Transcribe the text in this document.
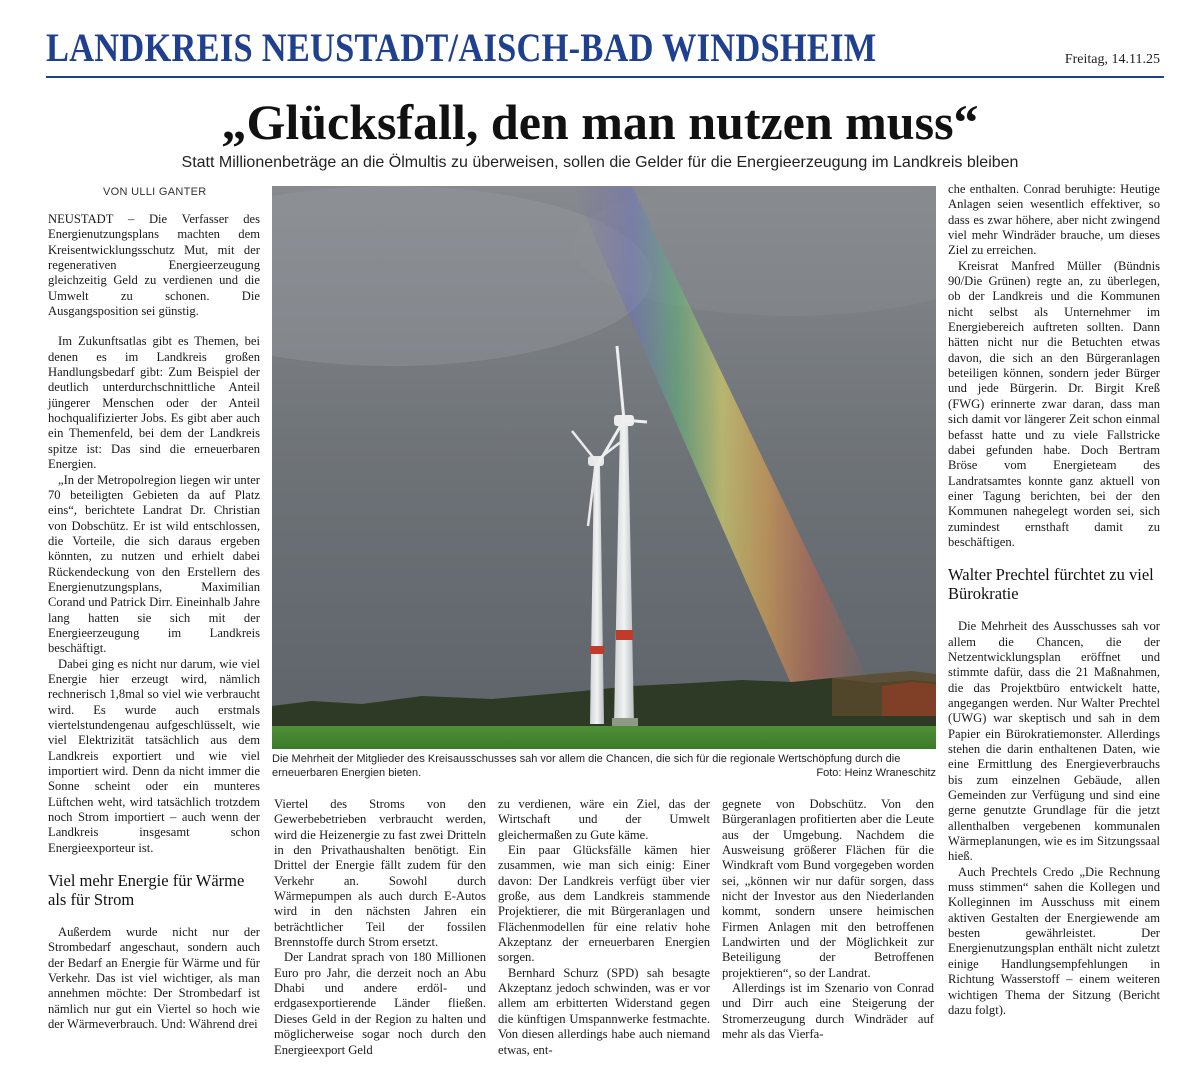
LANDKREIS NEUSTADT/AISCH-BAD WINDSHEIM	Freitag, 14.11.25
„Glücksfall, den man nutzen muss“
Statt Millionenbeträge an die Ölmultis zu überweisen, sollen die Gelder für die Energieerzeugung im Landkreis bleiben
VON ULLI GANTER

NEUSTADT – Die Verfasser des Energienutzungsplans machten dem Kreisentwicklungsschutz Mut, mit der regenerativen Energieerzeugung gleichzeitig Geld zu verdienen und die Umwelt zu schonen. Die Ausgangsposition sei günstig.

Im Zukunftsatlas gibt es Themen, bei denen es im Landkreis großen Handlungsbedarf gibt: Zum Beispiel der deutlich unterdurchschnittliche Anteil jüngerer Menschen oder der Anteil hochqualifizierter Jobs. Es gibt aber auch ein Themenfeld, bei dem der Landkreis spitze ist: Das sind die erneuerbaren Energien.

„In der Metropolregion liegen wir unter 70 beteiligten Gebieten da auf Platz eins“, berichtete Landrat Dr. Christian von Dobschütz. Er ist wild entschlossen, die Vorteile, die sich daraus ergeben könnten, zu nutzen und erhielt dabei Rückendeckung von den Erstellern des Energienutzungsplans, Maximilian Corand und Patrick Dirr. Eineinhalb Jahre lang hatten sie sich mit der Energieerzeugung im Landkreis beschäftigt.

Dabei ging es nicht nur darum, wie viel Energie hier erzeugt wird, nämlich rechnerisch 1,8mal so viel wie verbraucht wird. Es wurde auch erstmals viertelstundengenau aufgeschlüsselt, wie viel Elektrizität tatsächlich aus dem Landkreis exportiert und wie viel importiert wird. Denn da nicht immer die Sonne scheint oder ein munteres Lüftchen weht, wird tatsächlich trotzdem noch Strom importiert – auch wenn der Landkreis insgesamt schon Energieexporteur ist.

Viel mehr Energie für Wärme als für Strom

Außerdem wurde nicht nur der Strombedarf angeschaut, sondern auch der Bedarf an Energie für Wärme und für Verkehr. Das ist viel wichtiger, als man annehmen möchte: Der Strombedarf ist nämlich nur gut ein Viertel so hoch wie der Wärmeverbrauch. Und: Während drei

Die Mehrheit der Mitglieder des Kreisausschusses sah vor allem die Chancen, die sich für die regionale Wertschöpfung durch die erneuerbaren Energien bieten.	Foto: Heinz Wraneschitz

Viertel des Stroms von den Gewerbebetrieben verbraucht werden, wird die Heizenergie zu fast zwei Dritteln in den Privathaushalten benötigt. Ein Drittel der Energie fällt zudem für den Verkehr an. Sowohl durch Wärmepumpen als auch durch E-Autos wird in den nächsten Jahren ein beträchtlicher Teil der fossilen Brennstoffe durch Strom ersetzt.

Der Landrat sprach von 180 Millionen Euro pro Jahr, die derzeit noch an Abu Dhabi und andere erdöl- und erdgasexportierende Länder fließen. Dieses Geld in der Region zu halten und möglicherweise sogar noch durch den Energieexport Geld

zu verdienen, wäre ein Ziel, das der Wirtschaft und der Umwelt gleichermaßen zu Gute käme.

Ein paar Glücksfälle kämen hier zusammen, wie man sich einig: Einer davon: Der Landkreis verfügt über vier große, aus dem Landkreis stammende Projektierer, die mit Bürgeranlagen und Flächenmodellen für eine relativ hohe Akzeptanz der erneuerbaren Energien sorgen.

Bernhard Schurz (SPD) sah besagte Akzeptanz jedoch schwinden, was er vor allem am erbitterten Widerstand gegen die künftigen Umspannwerke festmachte. Von diesen allerdings habe auch niemand etwas, ent-

gegnete von Dobschütz. Von den Bürgeranlagen profitierten aber die Leute aus der Umgebung. Nachdem die Ausweisung größerer Flächen für die Windkraft vom Bund vorgegeben worden sei, „können wir nur dafür sorgen, dass nicht der Investor aus den Niederlanden kommt, sondern unsere heimischen Firmen Anlagen mit den betroffenen Landwirten und der Möglichkeit zur Beteiligung der Betroffenen projektieren“, so der Landrat.

Allerdings ist im Szenario von Conrad und Dirr auch eine Steigerung der Stromerzeugung durch Windräder auf mehr als das Vierfa-

che enthalten. Conrad beruhigte: Heutige Anlagen seien wesentlich effektiver, so dass es zwar höhere, aber nicht zwingend viel mehr Windräder brauche, um dieses Ziel zu erreichen.

Kreisrat Manfred Müller (Bündnis 90/Die Grünen) regte an, zu überlegen, ob der Landkreis und die Kommunen nicht selbst als Unternehmer im Energiebereich auftreten sollten. Dann hätten nicht nur die Betuchten etwas davon, die sich an den Bürgeranlagen beteiligen können, sondern jeder Bürger und jede Bürgerin. Dr. Birgit Kreß (FWG) erinnerte zwar daran, dass man sich damit vor längerer Zeit schon einmal befasst hatte und zu viele Fallstricke dabei gefunden habe. Doch Bertram Bröse vom Energieteam des Landratsamtes konnte ganz aktuell von einer Tagung berichten, bei der den Kommunen nahegelegt worden sei, sich zumindest ernsthaft damit zu beschäftigen.

Walter Prechtel fürchtet zu viel Bürokratie

Die Mehrheit des Ausschusses sah vor allem die Chancen, die der Netzentwicklungsplan eröffnet und stimmte dafür, dass die 21 Maßnahmen, die das Projektbüro entwickelt hatte, angegangen werden. Nur Walter Prechtel (UWG) war skeptisch und sah in dem Papier ein Bürokratiemonster. Allerdings stehen die darin enthaltenen Daten, wie eine Ermittlung des Energieverbrauchs bis zum einzelnen Gebäude, allen Gemeinden zur Verfügung und sind eine gerne genutzte Grundlage für die jetzt allenthalben vergebenen kommunalen Wärmeplanungen, wie es im Sitzungssaal hieß.

Auch Prechtels Credo „Die Rechnung muss stimmen“ sahen die Kollegen und Kolleginnen im Ausschuss mit einem aktiven Gestalten der Energiewende am besten gewährleistet. Der Energienutzungsplan enthält nicht zuletzt einige Handlungsempfehlungen in Richtung Wasserstoff – einem weiteren wichtigen Thema der Sitzung (Bericht dazu folgt).
